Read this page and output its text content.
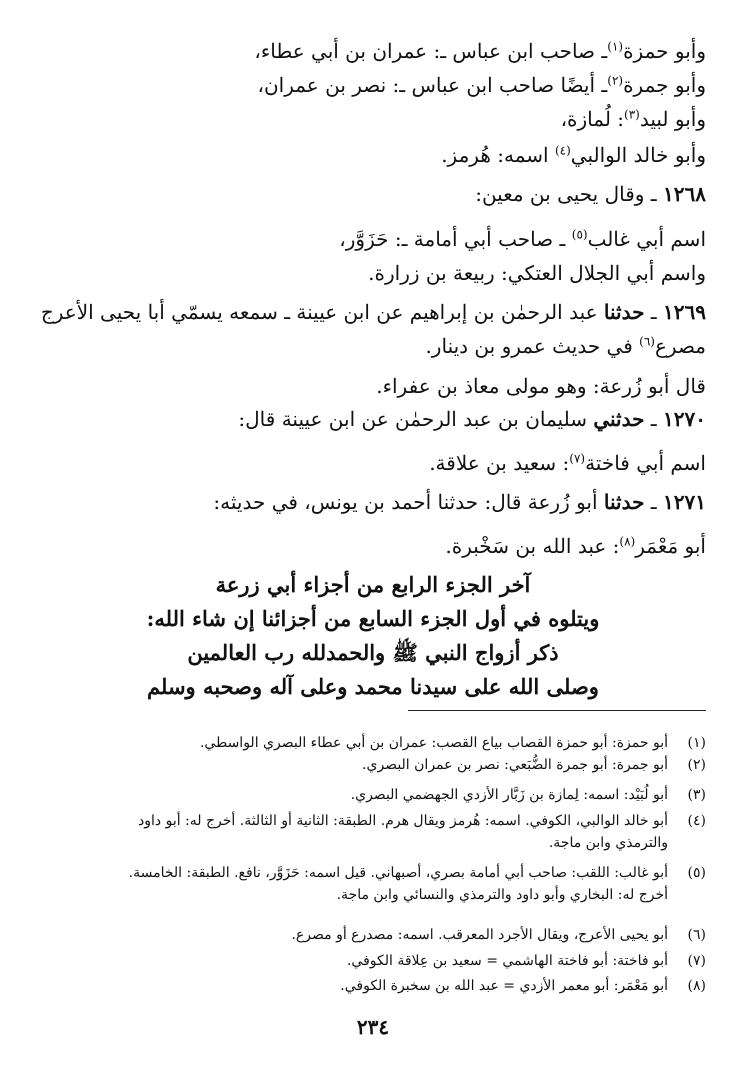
وأبو حمزة$^{(١)}$ـ صاحب ابن عباس ـ: عمران بن أبي عطاء،
وأبو جمرة$^{(٢)}$ـ أيضًا صاحب ابن عباس ـ: نصر بن عمران،
وأبو لبيد$^{(٣)}$: لُمازة،
وأبو خالد الوالبي$^{(٤)}$ اسمه: هُرمز.
١٢٦٨ ـ وقال يحيى بن معين:
اسم أبي غالب$^{(٥)}$ ـ صاحب أبي أمامة ـ: حَزَوَّر،
واسم أبي الجلال العتكي: ربيعة بن زرارة.
١٢٦٩ ـ حدثنا عبد الرحمٰن بن إبراهيم عن ابن عيينة ـ سمعه يسمّي أبا يحيى الأعرج
مصرع$^{(٦)}$ في حديث عمرو بن دينار.
قال أبو زُرعة: وهو مولى معاذ بن عفراء.
١٢٧٠ ـ حدثني سليمان بن عبد الرحمٰن عن ابن عيينة قال:
اسم أبي فاختة$^{(٧)}$: سعيد بن علاقة.
١٢٧١ ـ حدثنا أبو زُرعة قال: حدثنا أحمد بن يونس، في حديثه:
أبو مَعْمَر$^{(٨)}$: عبد الله بن سَخْبرة.
آخر الجزء الرابع من أجزاء أبي زرعة
ويتلوه في أول الجزء السابع من أجزائنا إن شاء الله:
ذكر أزواج النبي ﷺ والحمدلله رب العالمين
وصلى الله على سيدنا محمد وعلى آله وصحبه وسلم
(١)أبو حمزة: أبو حمزة القصاب بياع القصب: عمران بن أبي عطاء البصري الواسطي.
(٢)أبو جمرة: أبو جمرة الضُّبَعي: نصر بن عمران البصري.
(٣)أبو لُبَيْد: اسمه: لِمازة بن زَبَّار الأزدي الجهضمي البصري.
(٤)أبو خالد الوالبي، الكوفي. اسمه: هُرمز ويقال هرم. الطبقة: الثانية أو الثالثة. أخرج له: أبو داود
والترمذي وابن ماجة.
(٥)أبو غالب: اللقب: صاحب أبي أمامة بصري، أصبهاني. قيل اسمه: حَزَوَّر، نافع. الطبقة: الخامسة.
أخرج له: البخاري وأبو داود والترمذي والنسائي وابن ماجة.
(٦)أبو يحيى الأعرج، ويقال الأجرد المعرقب. اسمه: مصدرع أو مصرع.
(٧)أبو فاختة: أبو فاختة الهاشمي = سعيد بن عِلاقة الكوفي.
(٨)أبو مَعْمَر: أبو معمر الأزدي = عبد الله بن سخبرة الكوفي.
٢٣٤
